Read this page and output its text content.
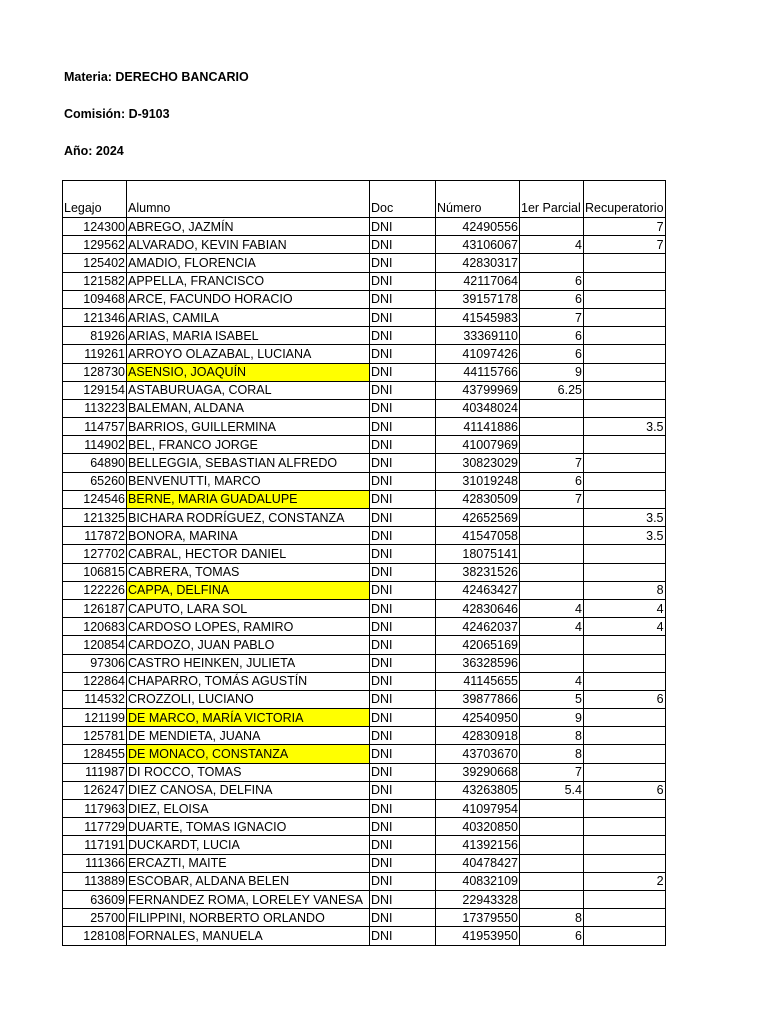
Materia: DERECHO BANCARIO
Comisión: D-9103
Año: 2024
Legajo	Alumno	Doc	Número	1er Parcial	Recuperatorio
124300	ABREGO, JAZMÍN	DNI	42490556		7
129562	ALVARADO, KEVIN FABIAN	DNI	43106067	4	7
125402	AMADIO, FLORENCIA	DNI	42830317		
121582	APPELLA, FRANCISCO	DNI	42117064	6	
109468	ARCE, FACUNDO HORACIO	DNI	39157178	6	
121346	ARIAS, CAMILA	DNI	41545983	7	
81926	ARIAS, MARIA ISABEL	DNI	33369110	6	
119261	ARROYO OLAZABAL, LUCIANA	DNI	41097426	6	
128730	ASENSIO, JOAQUÍN	DNI	44115766	9	
129154	ASTABURUAGA, CORAL	DNI	43799969	6.25	
113223	BALEMAN, ALDANA	DNI	40348024		
114757	BARRIOS, GUILLERMINA	DNI	41141886		3.5
114902	BEL, FRANCO JORGE	DNI	41007969		
64890	BELLEGGIA, SEBASTIAN ALFREDO	DNI	30823029	7	
65260	BENVENUTTI, MARCO	DNI	31019248	6	
124546	BERNE, MARIA GUADALUPE	DNI	42830509	7	
121325	BICHARA RODRÍGUEZ, CONSTANZA	DNI	42652569		3.5
117872	BONORA, MARINA	DNI	41547058		3.5
127702	CABRAL, HECTOR DANIEL	DNI	18075141		
106815	CABRERA, TOMAS	DNI	38231526		
122226	CAPPA, DELFINA	DNI	42463427		8
126187	CAPUTO, LARA SOL	DNI	42830646	4	4
120683	CARDOSO LOPES, RAMIRO	DNI	42462037	4	4
120854	CARDOZO, JUAN PABLO	DNI	42065169		
97306	CASTRO HEINKEN, JULIETA	DNI	36328596		
122864	CHAPARRO, TOMÁS AGUSTÍN	DNI	41145655	4	
114532	CROZZOLI, LUCIANO	DNI	39877866	5	6
121199	DE MARCO, MARÍA VICTORIA	DNI	42540950	9	
125781	DE MENDIETA, JUANA	DNI	42830918	8	
128455	DE MONACO, CONSTANZA	DNI	43703670	8	
111987	DI ROCCO, TOMAS	DNI	39290668	7	
126247	DIEZ CANOSA, DELFINA	DNI	43263805	5.4	6
117963	DIEZ, ELOISA	DNI	41097954		
117729	DUARTE, TOMAS IGNACIO	DNI	40320850		
117191	DUCKARDT, LUCIA	DNI	41392156		
111366	ERCAZTI, MAITE	DNI	40478427		
113889	ESCOBAR, ALDANA BELEN	DNI	40832109		2
63609	FERNANDEZ ROMA, LORELEY VANESA	DNI	22943328		
25700	FILIPPINI, NORBERTO ORLANDO	DNI	17379550	8	
128108	FORNALES, MANUELA	DNI	41953950	6	
